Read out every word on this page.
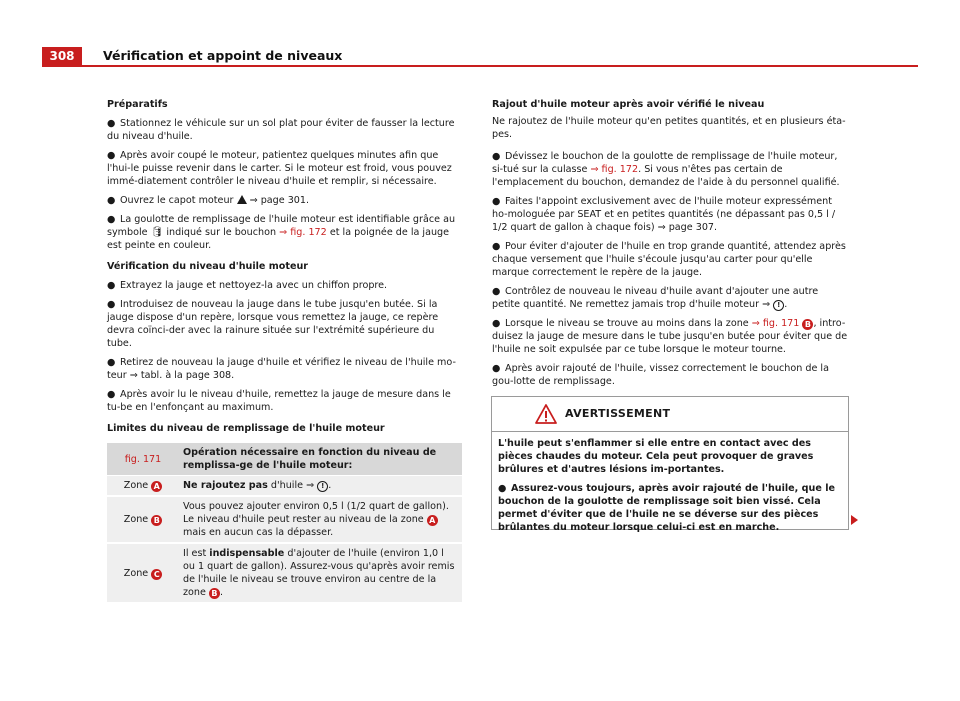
308	Vérification et appoint de niveaux

Préparatifs

● Stationnez le véhicule sur un sol plat pour éviter de fausser la lecture du niveau d'huile.

● Après avoir coupé le moteur, patientez quelques minutes afin que l'hui-le puisse revenir dans le carter. Si le moteur est froid, vous pouvez immé-diatement contrôler le niveau d'huile et remplir, si nécessaire.

● Ouvrez le capot moteur ⇒ page 301.

● La goulotte de remplissage de l'huile moteur est identifiable grâce au symbole 🛢 indiqué sur le bouchon ⇒ fig. 172 et la poignée de la jauge est peinte en couleur.

Vérification du niveau d'huile moteur

● Extrayez la jauge et nettoyez-la avec un chiffon propre.

● Introduisez de nouveau la jauge dans le tube jusqu'en butée. Si la jauge dispose d'un repère, lorsque vous remettez la jauge, ce repère devra coïnci-der avec la rainure située sur l'extrémité supérieure du tube.

● Retirez de nouveau la jauge d'huile et vérifiez le niveau de l'huile mo-teur ⇒ tabl. à la page 308.

● Après avoir lu le niveau d'huile, remettez la jauge de mesure dans le tu-be en l'enfonçant au maximum.

Limites du niveau de remplissage de l'huile moteur

fig. 171	Opération nécessaire en fonction du niveau de remplissa-ge de l'huile moteur:
Zone A	Ne rajoutez pas d'huile ⇒ ! .
Zone B	Vous pouvez ajouter environ 0,5 l (1/2 quart de gallon). Le niveau d'huile peut rester au niveau de la zone A mais en aucun cas la dépasser.
Zone C	Il est indispensable d'ajouter de l'huile (environ 1,0 l ou 1 quart de gallon). Assurez-vous qu'après avoir remis de l'huile le niveau se trouve environ au centre de la zone B .

Rajout d'huile moteur après avoir vérifié le niveau

Ne rajoutez de l'huile moteur qu'en petites quantités, et en plusieurs éta-pes.

● Dévissez le bouchon de la goulotte de remplissage de l'huile moteur, si-tué sur la culasse ⇒ fig. 172. Si vous n'êtes pas certain de l'emplacement du bouchon, demandez de l'aide à du personnel qualifié.

● Faites l'appoint exclusivement avec de l'huile moteur expressément ho-mologuée par SEAT et en petites quantités (ne dépassant pas 0,5 l / 1/2 quart de gallon à chaque fois) ⇒ page 307.

● Pour éviter d'ajouter de l'huile en trop grande quantité, attendez après chaque versement que l'huile s'écoule jusqu'au carter pour qu'elle marque correctement le repère de la jauge.

● Contrôlez de nouveau le niveau d'huile avant d'ajouter une autre petite quantité. Ne remettez jamais trop d'huile moteur ⇒ ! .

● Lorsque le niveau se trouve au moins dans la zone ⇒ fig. 171 B , intro-duisez la jauge de mesure dans le tube jusqu'en butée pour éviter que de l'huile ne soit expulsée par ce tube lorsque le moteur tourne.

● Après avoir rajouté de l'huile, vissez correctement le bouchon de la gou-lotte de remplissage.

AVERTISSEMENT

L'huile peut s'enflammer si elle entre en contact avec des pièces chaudes du moteur. Cela peut provoquer de graves brûlures et d'autres lésions im-portantes.

● Assurez-vous toujours, après avoir rajouté de l'huile, que le bouchon de la goulotte de remplissage soit bien vissé. Cela permet d'éviter que de l'huile ne se déverse sur des pièces brûlantes du moteur lorsque celui-ci est en marche.
